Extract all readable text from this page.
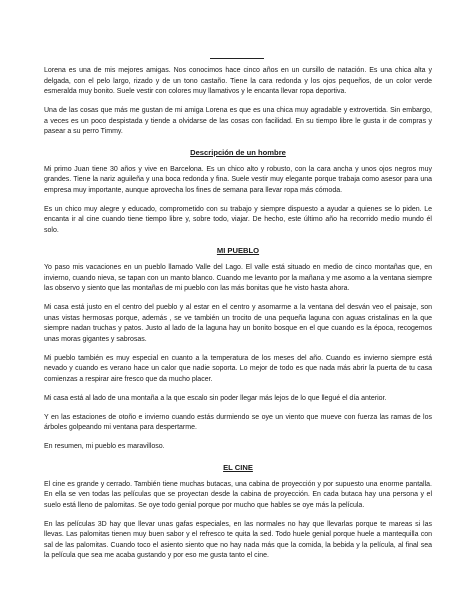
Lorena es una de mis mejores amigas. Nos conocimos hace cinco años en un cursillo de natación. Es una chica alta y delgada, con el pelo largo, rizado y de un tono castaño. Tiene la cara redonda y los ojos pequeños, de un color verde esmeralda muy bonito. Suele vestir con colores muy llamativos y le encanta llevar ropa deportiva.

Una de las cosas que más me gustan de mi amiga Lorena es que es una chica muy agradable y extrovertida. Sin embargo, a veces es un poco despistada y tiende a olvidarse de las cosas con facilidad. En su tiempo libre le gusta ir de compras y pasear a su perro Timmy.

Descripción de un hombre

Mi primo Juan tiene 30 años y vive en Barcelona. Es un chico alto y robusto, con la cara ancha y unos ojos negros muy grandes. Tiene la nariz aguileña y una boca redonda y fina. Suele vestir muy elegante porque trabaja como asesor para una empresa muy importante, aunque aprovecha los fines de semana para llevar ropa más cómoda.

Es un chico muy alegre y educado, comprometido con su trabajo y siempre dispuesto a ayudar a quienes se lo piden. Le encanta ir al cine cuando tiene tiempo libre y, sobre todo, viajar. De hecho, este último año ha recorrido medio mundo él solo.

MI PUEBLO

Yo paso mis vacaciones en un pueblo llamado Valle del Lago. El valle está situado en medio de cinco montañas que, en invierno, cuando nieva, se tapan con un manto blanco. Cuando me levanto por la mañana y me asomo a la ventana siempre las observo y siento que las montañas de mi pueblo con las más bonitas que he visto hasta ahora.

Mi casa está justo en el centro del pueblo y al estar en el centro y asomarme a la ventana del desván veo el paisaje, son unas vistas hermosas porque, además , se ve también un trocito de una pequeña laguna con aguas cristalinas en la que siempre nadan truchas y patos. Justo al lado de la laguna hay un bonito bosque en el que cuando es la época, recogemos unas moras gigantes y sabrosas.

Mi pueblo también es muy especial en cuanto a la temperatura de los meses del año. Cuando es invierno siempre está nevado y cuando es verano hace un calor que nadie soporta. Lo mejor de todo es que nada más abrir la puerta de tu casa comienzas a respirar aire fresco que da mucho placer.

Mi casa está al lado de una montaña a la que escalo sin poder llegar más lejos de lo que llegué el día anterior.

Y en las estaciones de otoño e invierno cuando estás durmiendo se oye un viento que mueve con fuerza las ramas de los árboles golpeando mi ventana para despertarme.

En resumen, mi pueblo es maravilloso.

EL CINE

El cine es grande y cerrado. También tiene muchas butacas, una cabina de proyección y por supuesto una enorme pantalla. En ella se ven todas las películas que se proyectan desde la cabina de proyección. En cada butaca hay una persona y el suelo está lleno de palomitas. Se oye todo genial porque por mucho que hables se oye más la película.

En las películas 3D hay que llevar unas gafas especiales, en las normales no hay que llevarlas porque te mareas si las llevas. Las palomitas tienen muy buen sabor y el refresco te quita la sed. Todo huele genial porque huele a mantequilla con sal de las palomitas. Cuando toco el asiento siento que no hay nada más que la comida, la bebida y la película, al final sea la película que sea me acaba gustando y por eso me gusta tanto el cine.
